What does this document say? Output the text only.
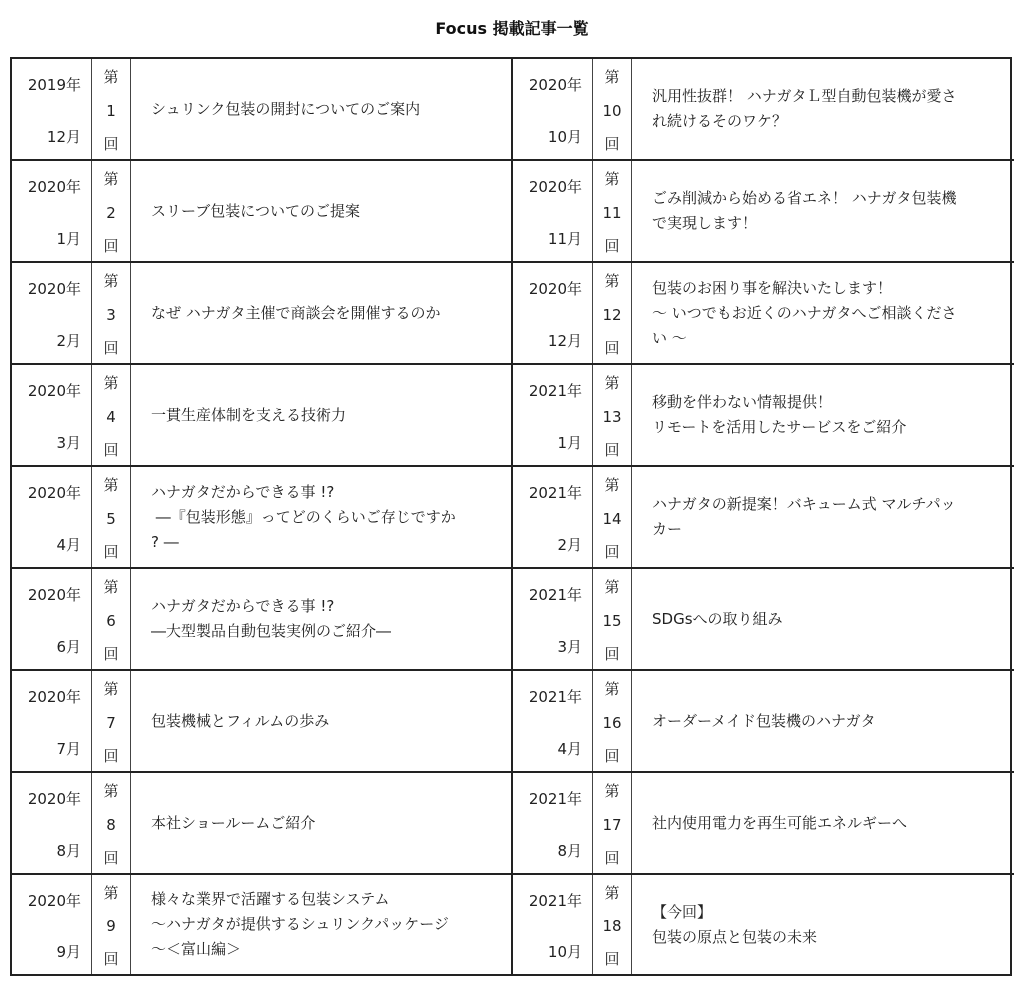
Focus 掲載記事一覧
2019年
12月
第
1
回
シュリンク包装の開封についてのご案内
2020年
1月
第
2
回
スリーブ包装についてのご提案
2020年
2月
第
3
回
なぜ ハナガタ主催で商談会を開催するのか
2020年
3月
第
4
回
一貫生産体制を支える技術力
2020年
4月
第
5
回
ハナガタだからできる事 !?
―『包装形態』ってどのくらいご存じですか
? ―
2020年
6月
第
6
回
ハナガタだからできる事 !?
―大型製品自動包装実例のご紹介―
2020年
7月
第
7
回
包装機械とフィルムの歩み
2020年
8月
第
8
回
本社ショールームご紹介
2020年
9月
第
9
回
様々な業界で活躍する包装システム
～ハナガタが提供するシュリンクパッケージ
～＜富山編＞
2020年
10月
第
10
回
汎用性抜群！ ハナガタＬ型自動包装機が愛さ
れ続けるそのワケ？
2020年
11月
第
11
回
ごみ削減から始める省エネ！ ハナガタ包装機
で実現します！
2020年
12月
第
12
回
包装のお困り事を解決いたします！
～ いつでもお近くのハナガタへご相談くださ
い ～
2021年
1月
第
13
回
移動を伴わない情報提供！
リモートを活用したサービスをご紹介
2021年
2月
第
14
回
ハナガタの新提案！バキューム式 マルチパッ
カー
2021年
3月
第
15
回
SDGsへの取り組み
2021年
4月
第
16
回
オーダーメイド包装機のハナガタ
2021年
8月
第
17
回
社内使用電力を再生可能エネルギーへ
2021年
10月
第
18
回
【今回】
包装の原点と包装の未来
